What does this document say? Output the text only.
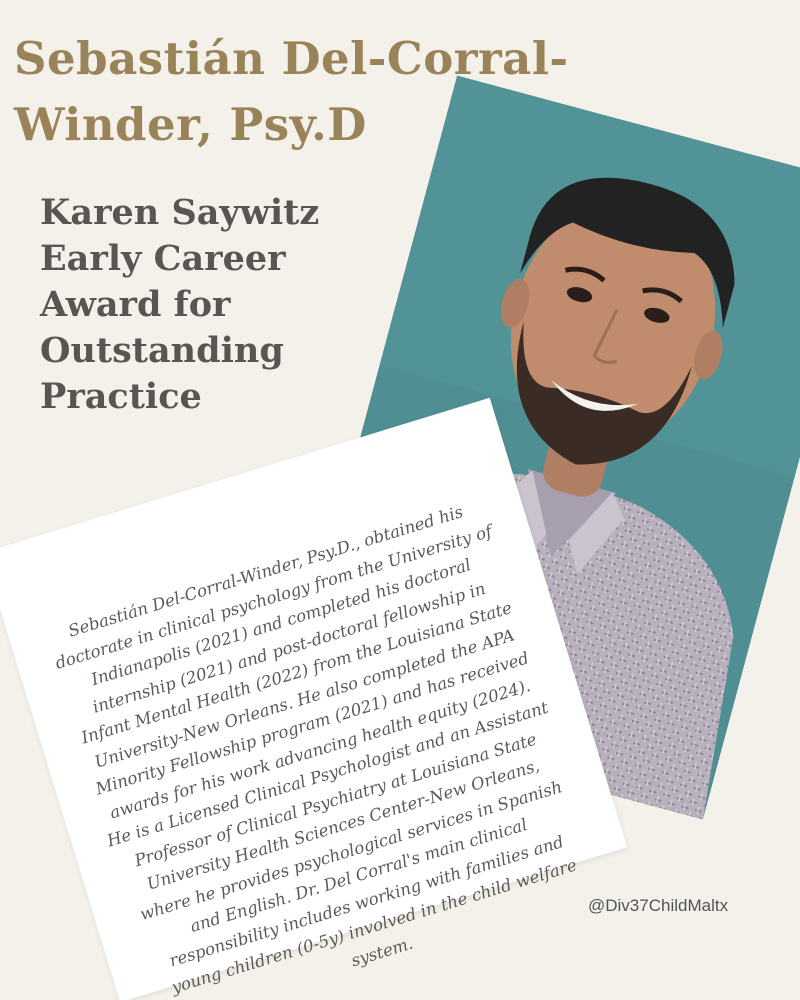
Sebastián Del-Corral-Winder, Psy.D
Karen Saywitz Early Career Award for Outstanding Practice

Sebastián Del-Corral-Winder, Psy.D., obtained his doctorate in clinical psychology from the University of Indianapolis (2021) and completed his doctoral internship (2021) and post-doctoral fellowship in Infant Mental Health (2022) from the Louisiana State University-New Orleans. He also completed the APA Minority Fellowship program (2021) and has received awards for his work advancing health equity (2024). He is a Licensed Clinical Psychologist and an Assistant Professor of Clinical Psychiatry at Louisiana State University Health Sciences Center-New Orleans, where he provides psychological services in Spanish and English. Dr. Del Corral's main clinical responsibility includes working with families and young children (0-5y) involved in the child welfare system.

@Div37ChildMaltx
